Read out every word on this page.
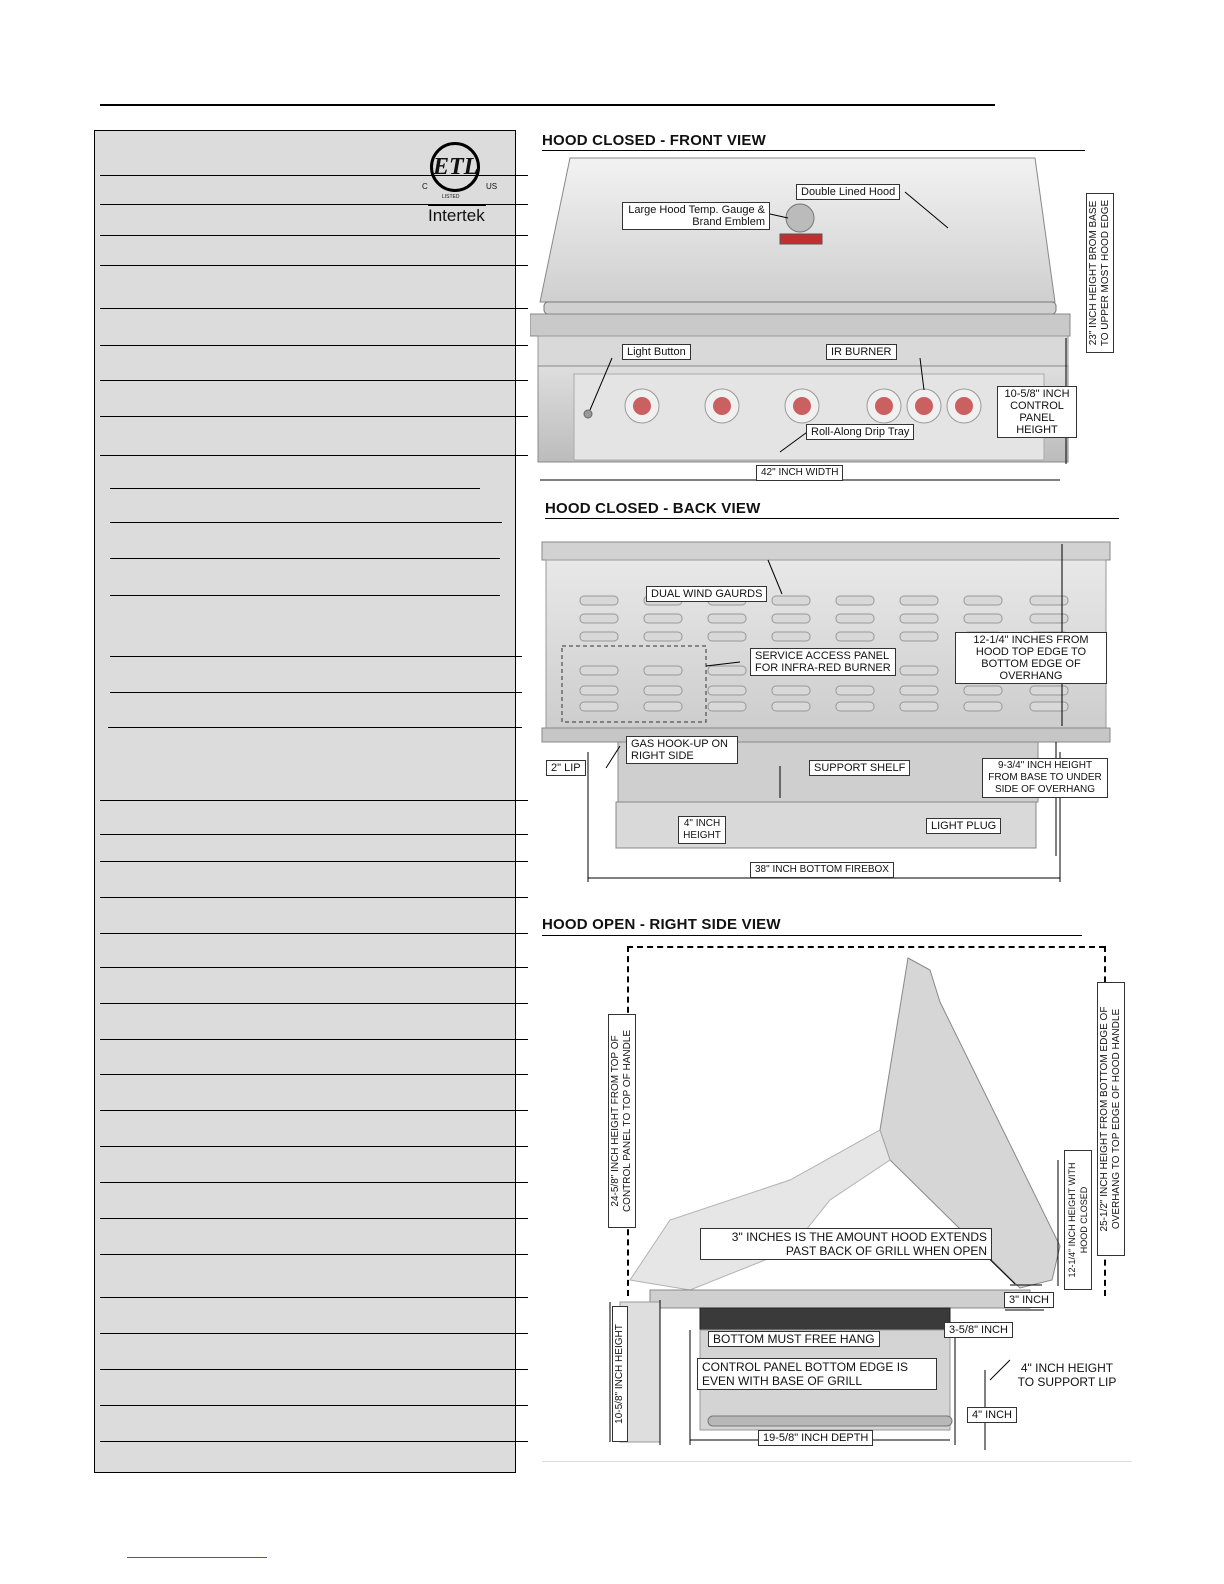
ETL
C	US
LISTED
Intertek
HOOD CLOSED - FRONT VIEW
Double Lined Hood
Large Hood Temp. Gauge & Brand Emblem
Light Button	IR BURNER
10-5/8" INCH CONTROL PANEL HEIGHT
Roll-Along Drip Tray
42" INCH WIDTH
23" INCH HEIGHT BROM BASE TO UPPER MOST HOOD EDGE
HOOD CLOSED - BACK VIEW
DUAL WIND GAURDS
SERVICE ACCESS PANEL FOR INFRA-RED BURNER
12-1/4" INCHES FROM HOOD TOP EDGE TO BOTTOM EDGE OF OVERHANG
GAS HOOK-UP ON RIGHT SIDE
2" LIP	SUPPORT SHELF	9-3/4" INCH HEIGHT FROM BASE TO UNDER SIDE OF OVERHANG
4" INCH HEIGHT
LIGHT PLUG
38" INCH BOTTOM FIREBOX
HOOD OPEN - RIGHT SIDE VIEW
24-5/8" INCH HEIGHT FROM TOP OF CONTROL PANEL TO TOP OF HANDLE	25-1/2" INCH HEIGHT FROM BOTTOM EDGE OF OVERHANG TO TOP EDGE OF HOOD HANDLE
12-1/4" INCH HEIGHT WITH HOOD CLOSED
3" INCHES IS THE AMOUNT HOOD EXTENDS PAST BACK OF GRILL WHEN OPEN
3" INCH
3-5/8" INCH
BOTTOM MUST FREE HANG
CONTROL PANEL BOTTOM EDGE IS EVEN WITH BASE OF GRILL
4" INCH HEIGHT TO SUPPORT LIP
4" INCH
19-5/8" INCH DEPTH
10-5/8" INCH HEIGHT
